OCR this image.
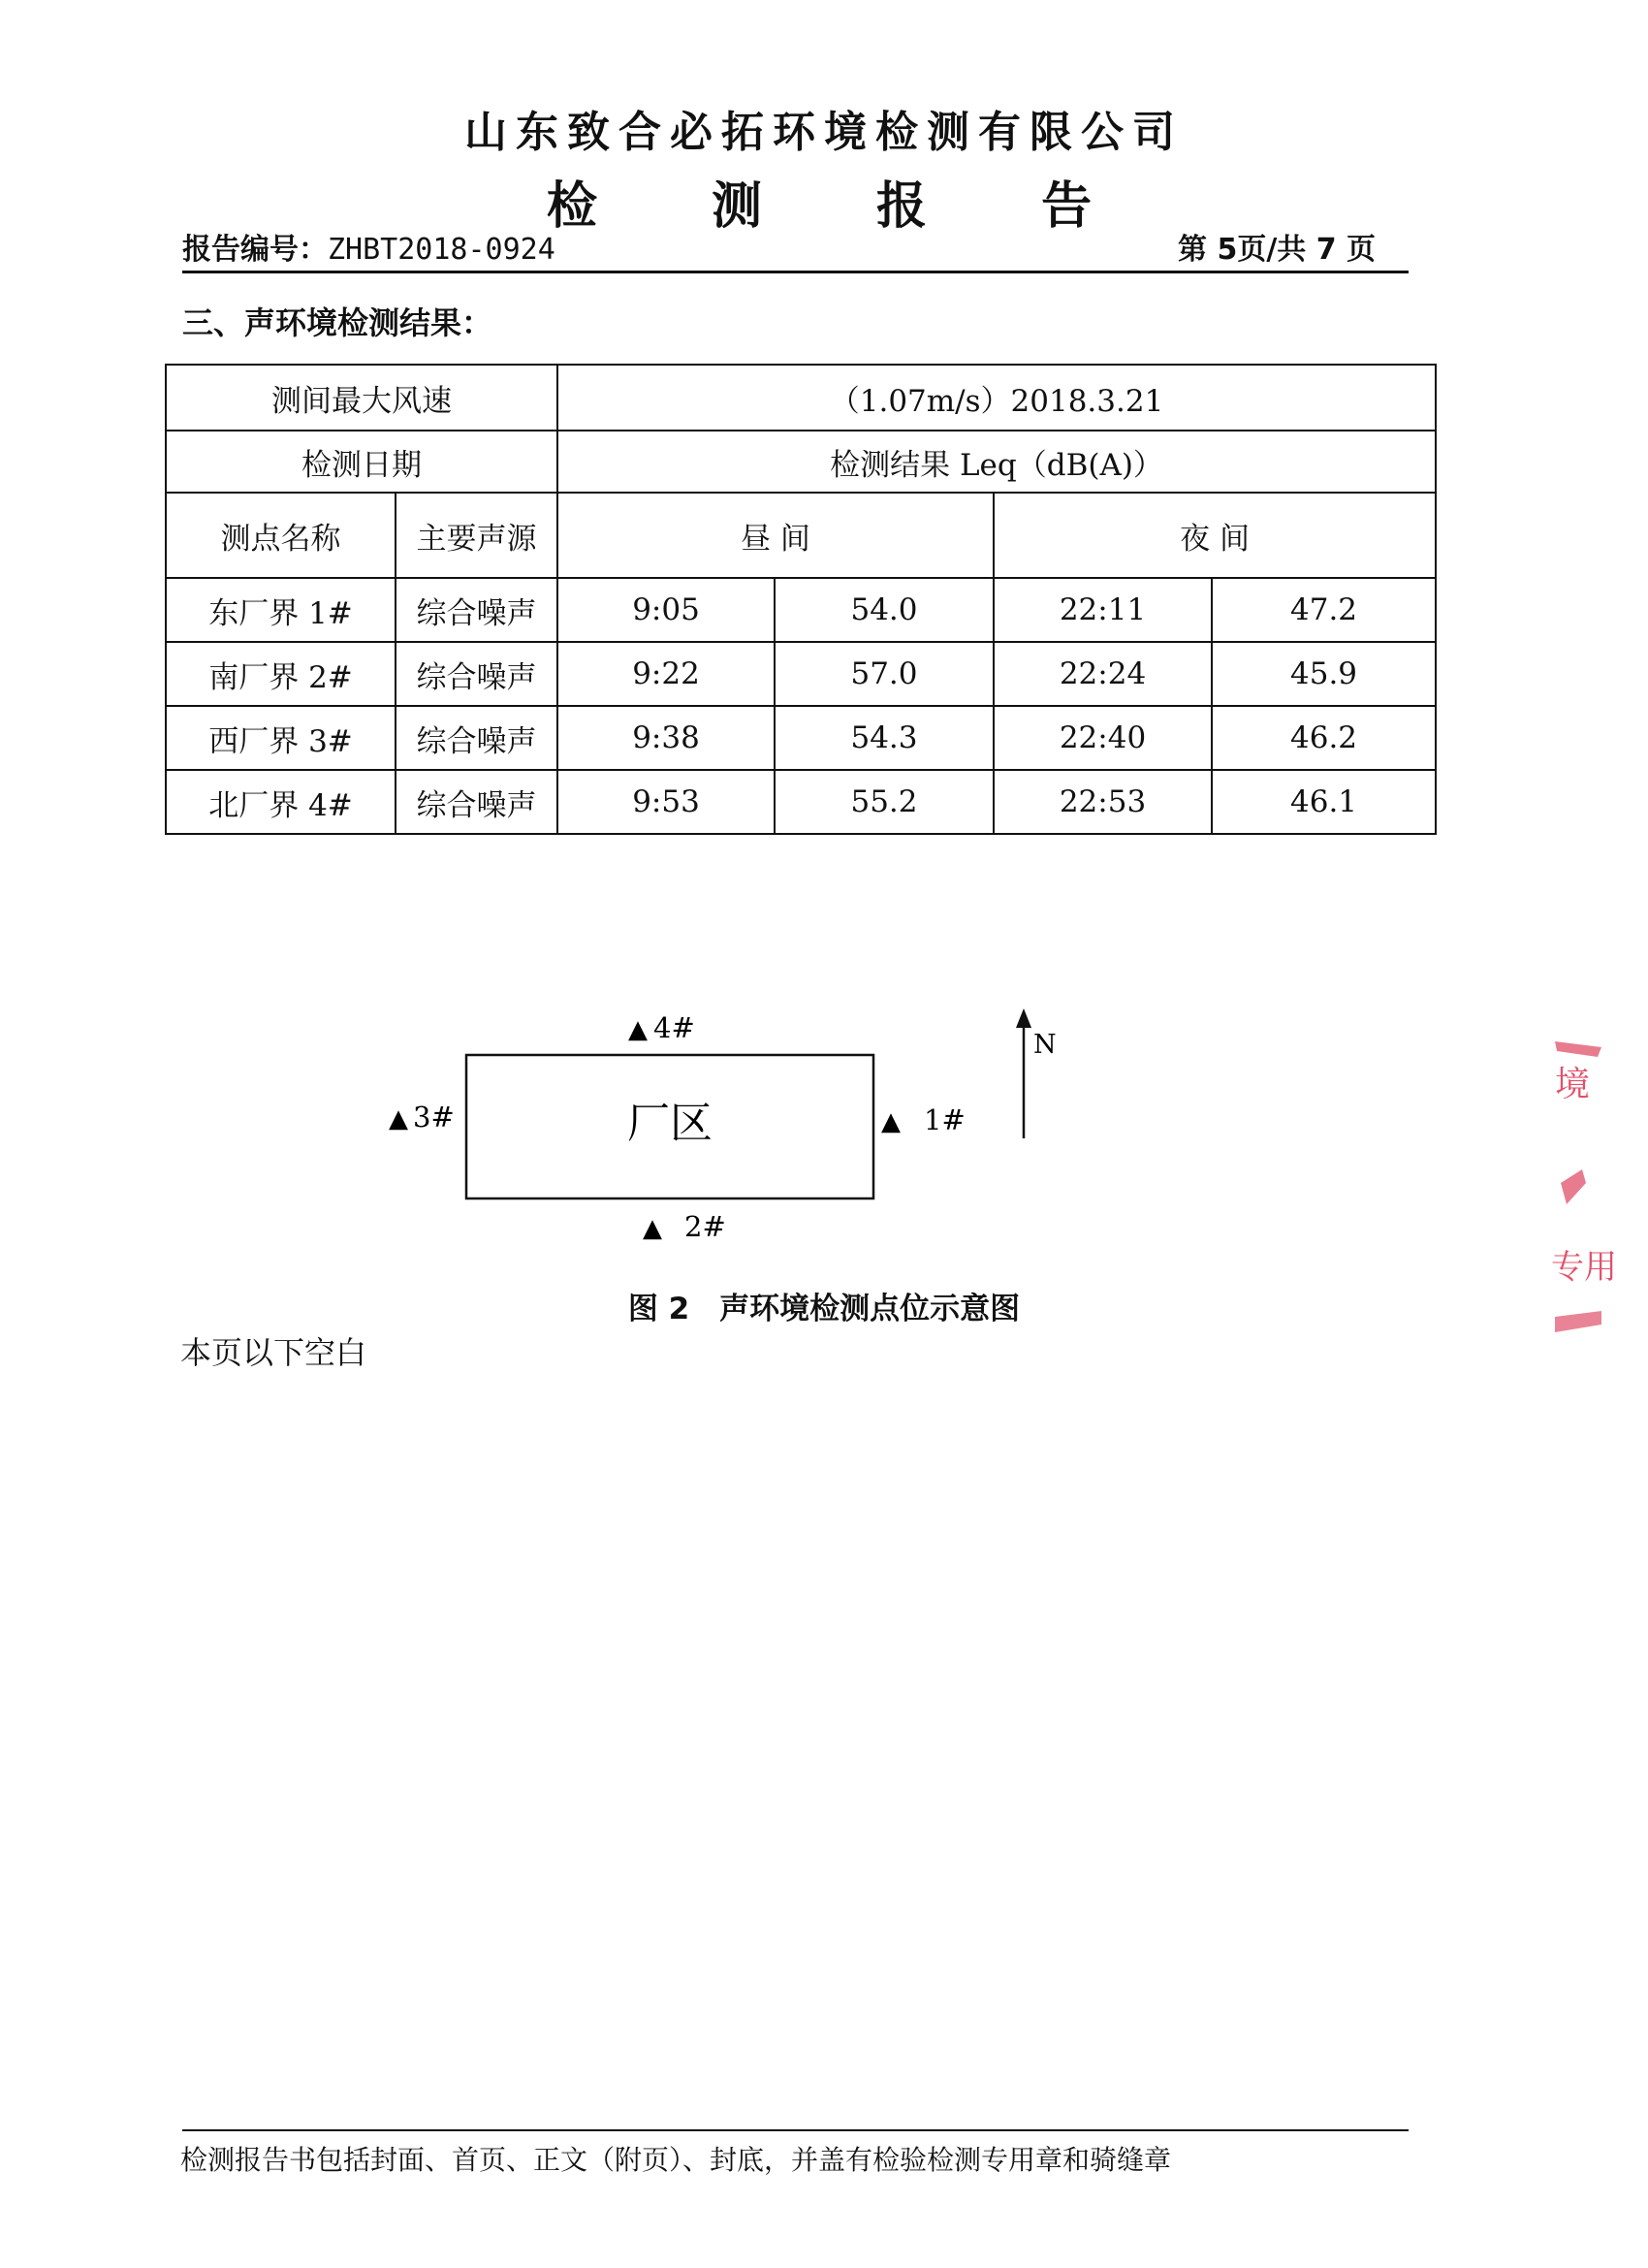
山东致合必拓环境检测有限公司
检 测 报 告
报告编号：ZHBT2018-0924	第 5页/共 7 页
三、声环境检测结果：
测间最大风速		（1.07m/s）2018.3.21			
检测日期		检测结果 Leq（dB(A)）			
测点名称	主要声源	昼 间		夜 间	
东厂界 1#	综合噪声	9:05	54.0	22:11	47.2
南厂界 2#	综合噪声	9:22	57.0	22:24	45.9
西厂界 3#	综合噪声	9:38	54.3	22:40	46.2
北厂界 4#	综合噪声	9:53	55.2	22:53	46.1
厂区
▲ 4#
▲ 3#	▲ 1#
▲ 2#
N
图 2　声环境检测点位示意图
本页以下空白
境
专用
检测报告书包括封面、首页、正文（附页）、封底，并盖有检验检测专用章和骑缝章
